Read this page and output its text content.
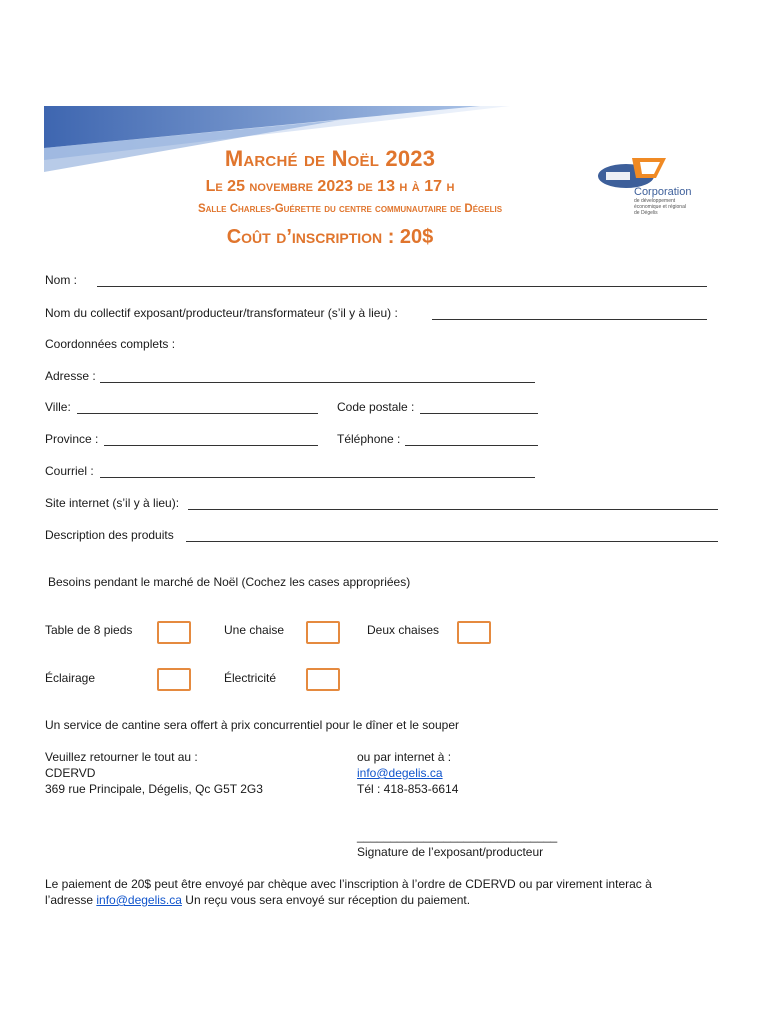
Marché de Noël 2023
Le 25 novembre 2023 de 13 h à 17 h
Salle Charles-Guérette du centre communautaire de Dégelis
Coût d’inscription : 20$
Corporation
de développement économique et régional de Dégelis
Nom :
Nom du collectif exposant/producteur/transformateur (s’il y à lieu) :
Coordonnées complets :
Adresse :
Ville:	Code postale :
Province :	Téléphone :
Courriel :
Site internet (s’il y à lieu):
Description des produits
Besoins pendant le marché de Noël (Cochez les cases appropriées)
Table de 8 pieds	Une chaise	Deux chaises
Éclairage	Électricité
Un service de cantine sera offert à prix concurrentiel pour le dîner et le souper
Veuillez retourner le tout au :
CDERVD
369 rue Principale, Dégelis, Qc G5T 2G3
ou par internet à :
info@degelis.ca
Tél : 418-853-6614
______________________________
Signature de l’exposant/producteur
Le paiement de 20$ peut être envoyé par chèque avec l’inscription à l’ordre de CDERVD ou par virement interac à
l’adresse info@degelis.ca Un reçu vous sera envoyé sur réception du paiement.
